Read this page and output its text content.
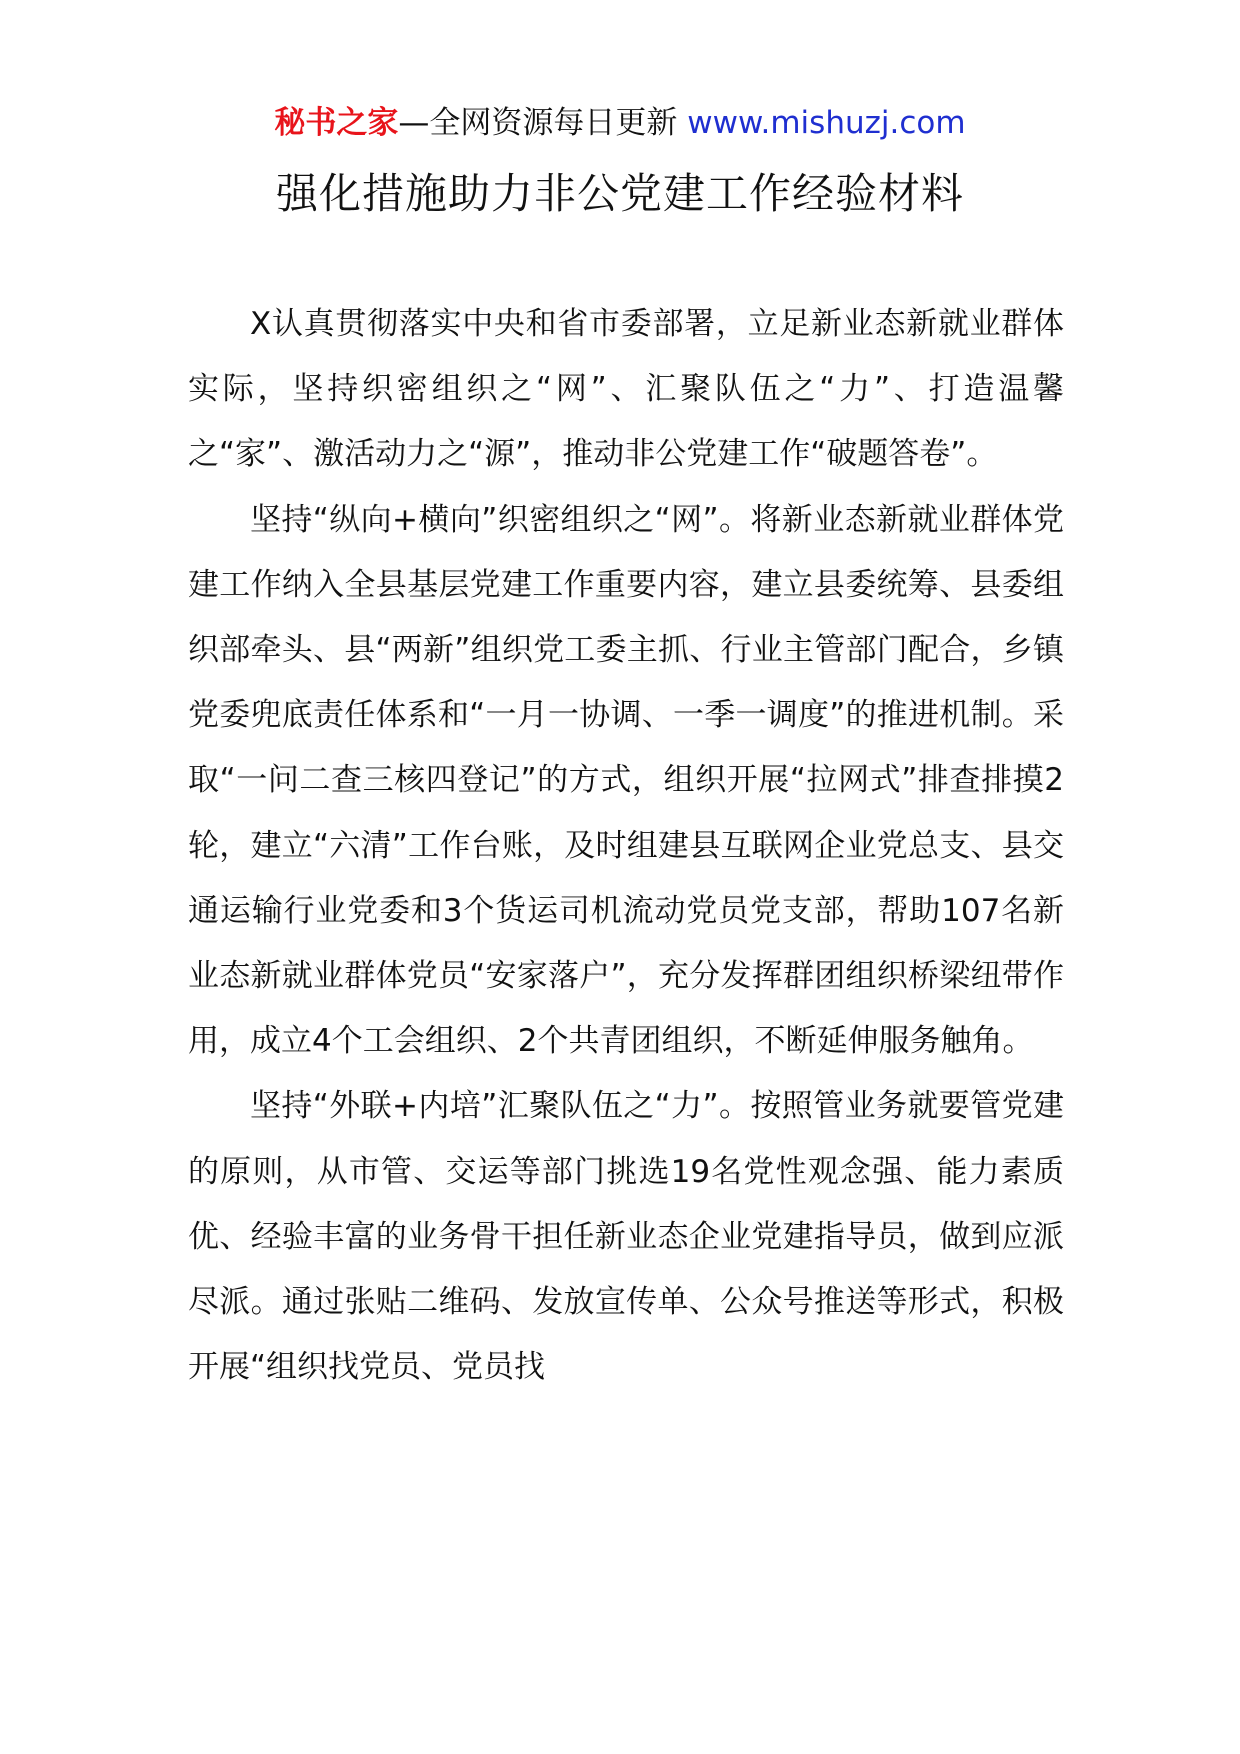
秘书之家—全网资源每日更新 www.mishuzj.com
强化措施助力非公党建工作经验材料

X认真贯彻落实中央和省市委部署，立足新业态新就业群体实际，坚持织密组织之“网”、汇聚队伍之“力”、打造温馨之“家”、激活动力之“源”，推动非公党建工作“破题答卷”。

坚持“纵向+横向”织密组织之“网”。将新业态新就业群体党建工作纳入全县基层党建工作重要内容，建立县委统筹、县委组织部牵头、县“两新”组织党工委主抓、行业主管部门配合，乡镇党委兜底责任体系和“一月一协调、一季一调度”的推进机制。采取“一问二查三核四登记”的方式，组织开展“拉网式”排查排摸2轮，建立“六清”工作台账，及时组建县互联网企业党总支、县交通运输行业党委和3个货运司机流动党员党支部，帮助107名新业态新就业群体党员“安家落户”，充分发挥群团组织桥梁纽带作用，成立4个工会组织、2个共青团组织，不断延伸服务触角。

坚持“外联+内培”汇聚队伍之“力”。按照管业务就要管党建的原则，从市管、交运等部门挑选19名党性观念强、能力素质优、经验丰富的业务骨干担任新业态企业党建指导员，做到应派尽派。通过张贴二维码、发放宣传单、公众号推送等形式，积极开展“组织找党员、党员找
